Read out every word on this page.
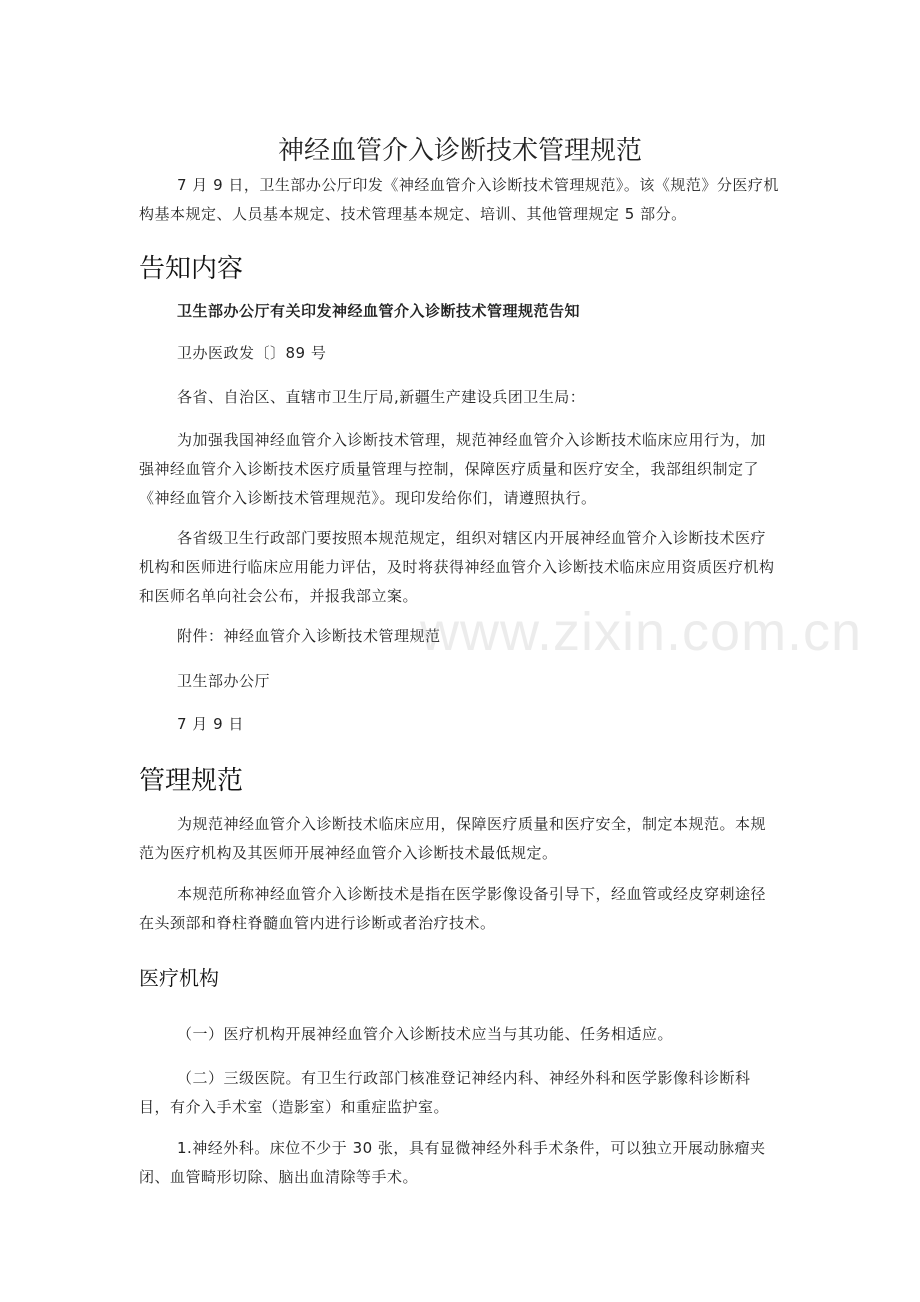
神经血管介入诊断技术管理规范

7 月 9 日，卫生部办公厅印发《神经血管介入诊断技术管理规范》。该《规范》分医疗机构基本规定、人员基本规定、技术管理基本规定、培训、其他管理规定 5 部分。

告知内容

卫生部办公厅有关印发神经血管介入诊断技术管理规范告知

卫办医政发〔〕89 号

各省、自治区、直辖市卫生厅局,新疆生产建设兵团卫生局：

为加强我国神经血管介入诊断技术管理，规范神经血管介入诊断技术临床应用行为，加强神经血管介入诊断技术医疗质量管理与控制，保障医疗质量和医疗安全，我部组织制定了《神经血管介入诊断技术管理规范》。现印发给你们，请遵照执行。

各省级卫生行政部门要按照本规范规定，组织对辖区内开展神经血管介入诊断技术医疗机构和医师进行临床应用能力评估，及时将获得神经血管介入诊断技术临床应用资质医疗机构和医师名单向社会公布，并报我部立案。

附件：神经血管介入诊断技术管理规范

卫生部办公厅

7 月 9 日

管理规范

为规范神经血管介入诊断技术临床应用，保障医疗质量和医疗安全，制定本规范。本规范为医疗机构及其医师开展神经血管介入诊断技术最低规定。

本规范所称神经血管介入诊断技术是指在医学影像设备引导下，经血管或经皮穿刺途径在头颈部和脊柱脊髓血管内进行诊断或者治疗技术。

医疗机构

（一）医疗机构开展神经血管介入诊断技术应当与其功能、任务相适应。

（二）三级医院。有卫生行政部门核准登记神经内科、神经外科和医学影像科诊断科目，有介入手术室（造影室）和重症监护室。

1.神经外科。床位不少于 30 张，具有显微神经外科手术条件，可以独立开展动脉瘤夹闭、血管畸形切除、脑出血清除等手术。

www.zixin.com.cn
